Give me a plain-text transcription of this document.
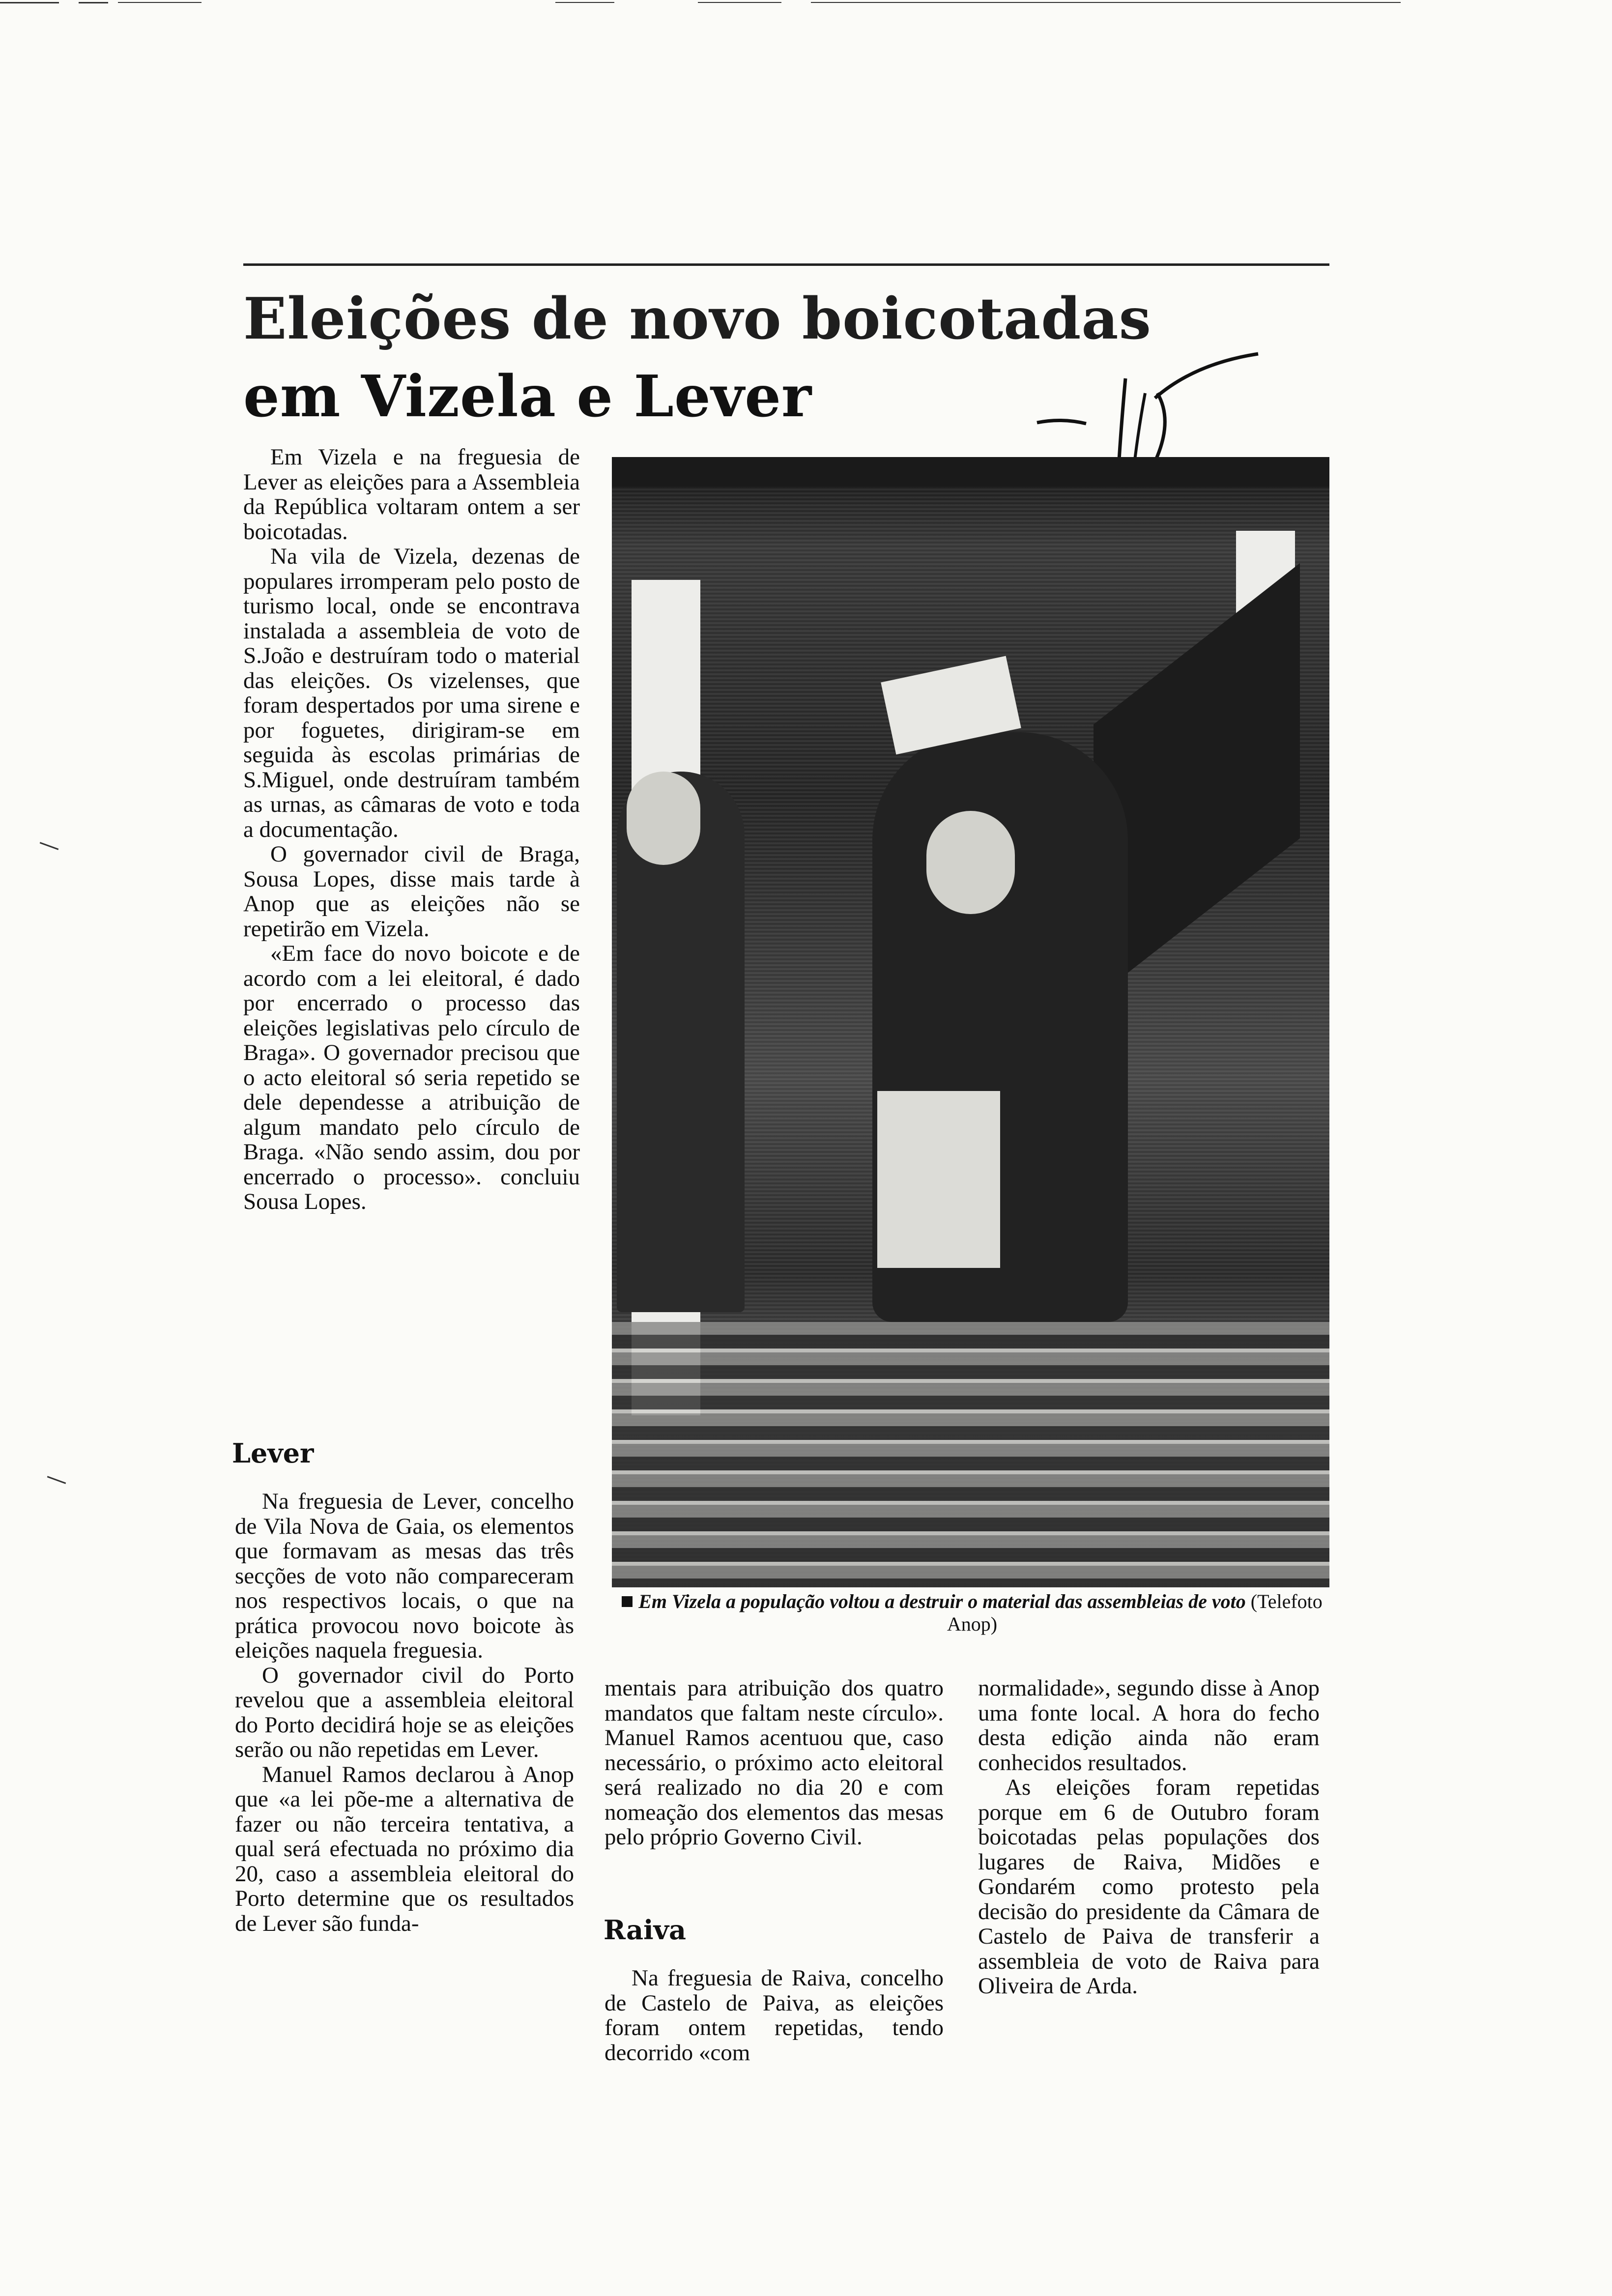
Eleições de novo boicotadas
em Vizela e Lever

Em Vizela e na freguesia de Lever as eleições para a Assembleia da República voltaram ontem a ser boicotadas.

Na vila de Vizela, dezenas de populares irromperam pelo posto de turismo local, onde se encontrava instalada a assembleia de voto de S.João e destruíram todo o material das eleições. Os vizelenses, que foram despertados por uma sirene e por foguetes, dirigiram-se em seguida às escolas primárias de S.Miguel, onde destruíram também as urnas, as câmaras de voto e toda a documentação.

O governador civil de Braga, Sousa Lopes, disse mais tarde à Anop que as eleições não se repetirão em Vizela.

«Em face do novo boicote e de acordo com a lei eleitoral, é dado por encerrado o processo das eleições legislativas pelo círculo de Braga». O governador precisou que o acto eleitoral só seria repetido se dele dependesse a atribuição de algum mandato pelo círculo de Braga. «Não sendo assim, dou por encerrado o processo». concluiu Sousa Lopes.

Lever

Na freguesia de Lever, concelho de Vila Nova de Gaia, os elementos que formavam as mesas das três secções de voto não compareceram nos respectivos locais, o que na prática provocou novo boicote às eleições naquela freguesia.

O governador civil do Porto revelou que a assembleia eleitoral do Porto decidirá hoje se as eleições serão ou não repetidas em Lever.

Manuel Ramos declarou à Anop que «a lei põe-me a alternativa de fazer ou não terceira tentativa, a qual será efectuada no próximo dia 20, caso a assembleia eleitoral do Porto determine que os resultados de Lever são funda-

Em Vizela a população voltou a destruir o material das assembleias de voto (Telefoto Anop)

mentais para atribuição dos quatro mandatos que faltam neste círculo». Manuel Ramos acentuou que, caso necessário, o próximo acto eleitoral será realizado no dia 20 e com nomeação dos elementos das mesas pelo próprio Governo Civil.

Raiva

Na freguesia de Raiva, concelho de Castelo de Paiva, as eleições foram ontem repetidas, tendo decorrido «com

normalidade», segundo disse à Anop uma fonte local. A hora do fecho desta edição ainda não eram conhecidos resultados.

As eleições foram repetidas porque em 6 de Outubro foram boicotadas pelas populações dos lugares de Raiva, Midões e Gondarém como protesto pela decisão do presidente da Câmara de Castelo de Paiva de transferir a assembleia de voto de Raiva para Oliveira de Arda.
